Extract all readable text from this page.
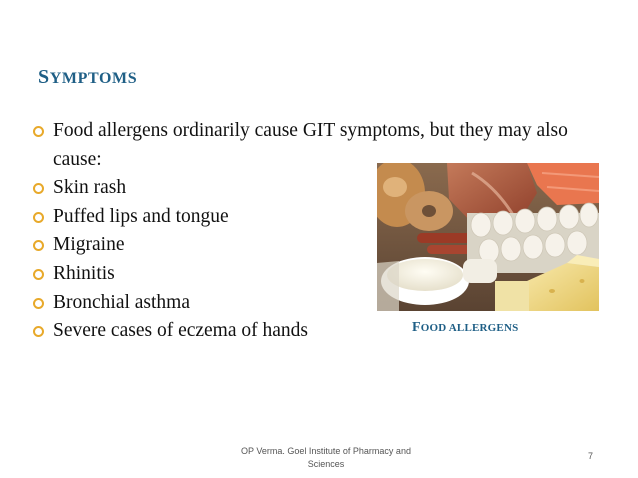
SYMPTOMS
Food allergens ordinarily cause GIT symptoms, but they may also cause:
Skin rash
Puffed lips and tongue
Migraine
Rhinitis
Bronchial asthma
Severe cases of eczema of hands	FOOD ALLERGENS
OP Verma. Goel Institute of Pharmacy and Sciences
7
